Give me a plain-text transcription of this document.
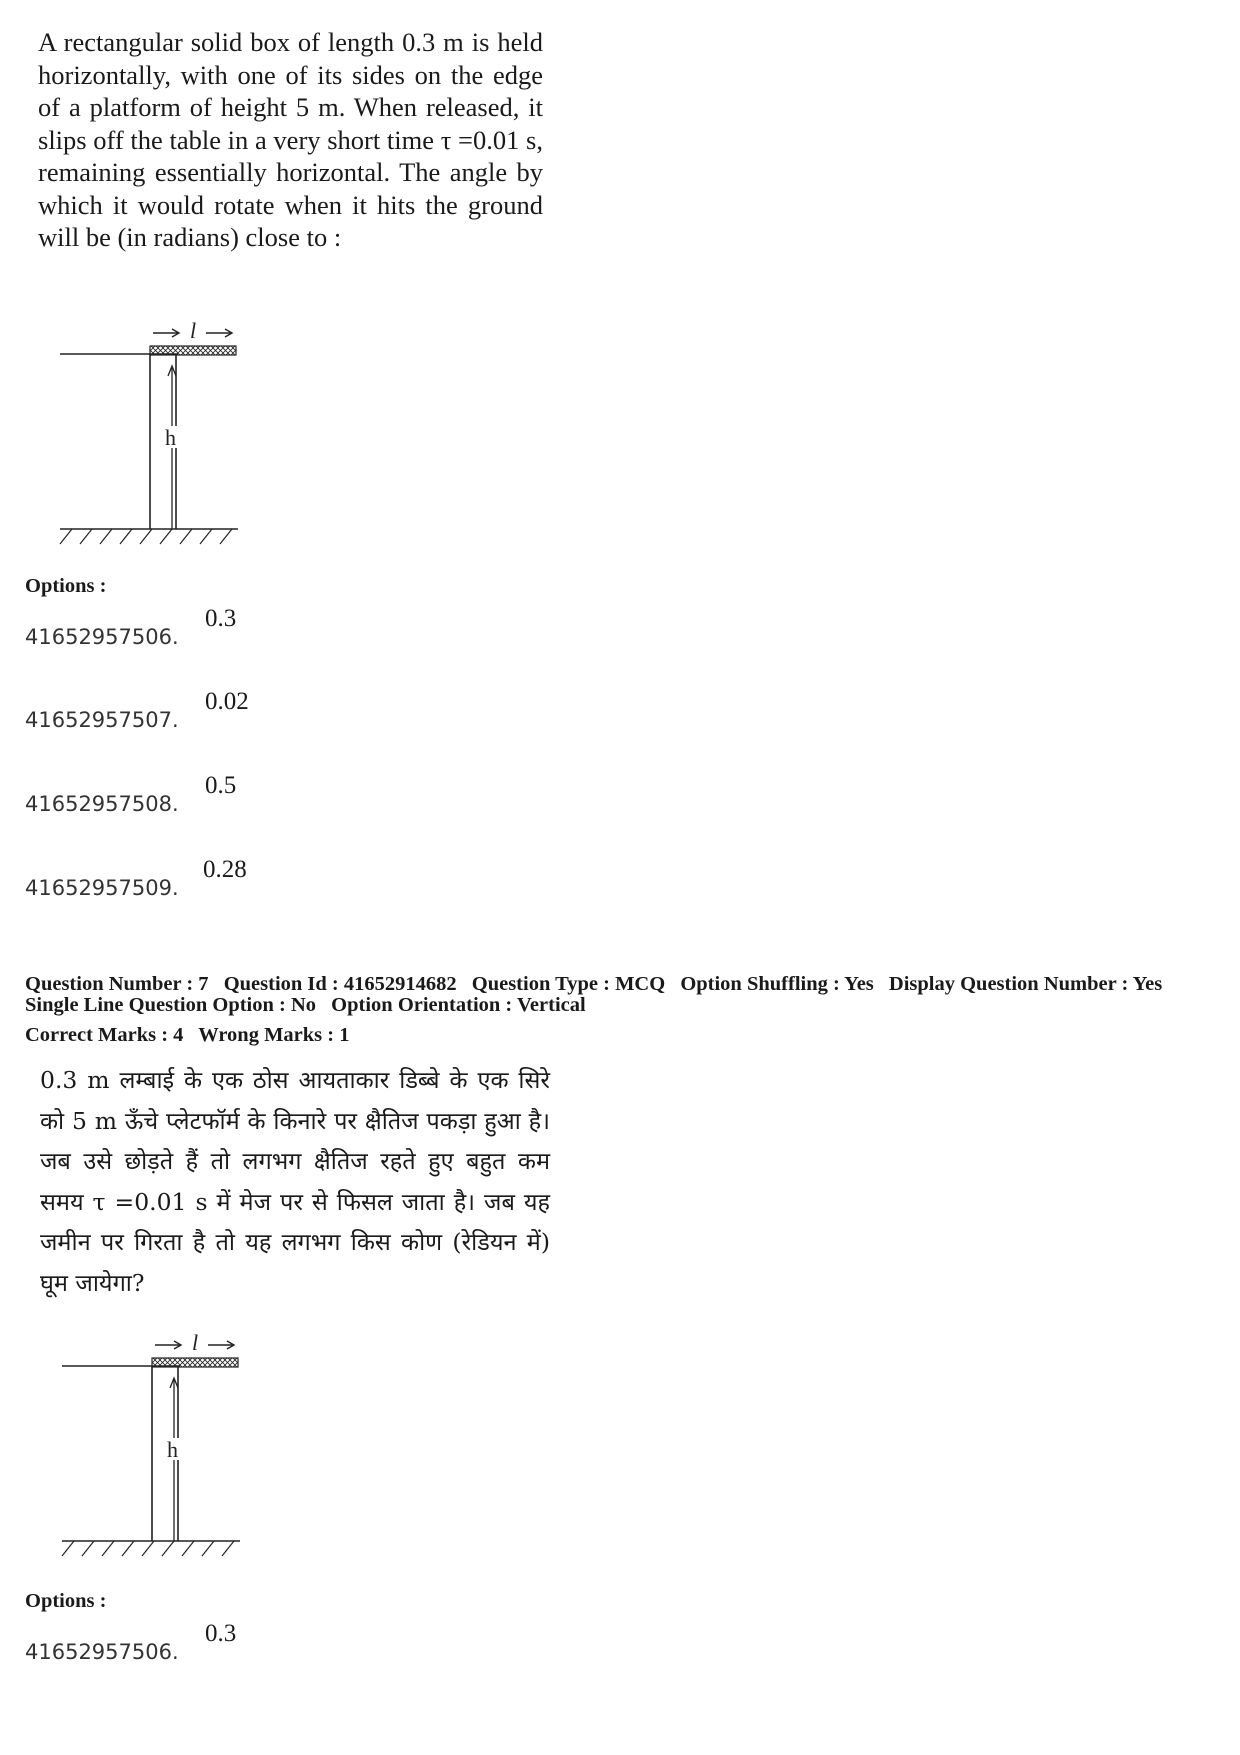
A rectangular solid box of length 0.3 m is held horizontally, with one of its sides on the edge of a platform of height 5 m. When released, it slips off the table in a very short time τ =0.01 s, remaining essentially horizontal. The angle by which it would rotate when it hits the ground will be (in radians) close to :
l
h
Options :
41652957506.
0.3
41652957507.
0.02
41652957508.
0.5
41652957509.
0.28
Question Number : 7 Question Id : 41652914682 Question Type : MCQ Option Shuffling : Yes Display Question Number : Yes
Single Line Question Option : No Option Orientation : Vertical
Correct Marks : 4 Wrong Marks : 1
0.3 m लम्बाई के एक ठोस आयताकार डिब्बे के एक सिरे को 5 m ऊँचे प्लेटफॉर्म के किनारे पर क्षैतिज पकड़ा हुआ है। जब उसे छोड़ते हैं तो लगभग क्षैतिज रहते हुए बहुत कम समय τ =0.01 s में मेज पर से फिसल जाता है। जब यह जमीन पर गिरता है तो यह लगभग किस कोण (रेडियन में) घूम जायेगा?
l
h
Options :
41652957506.
0.3
